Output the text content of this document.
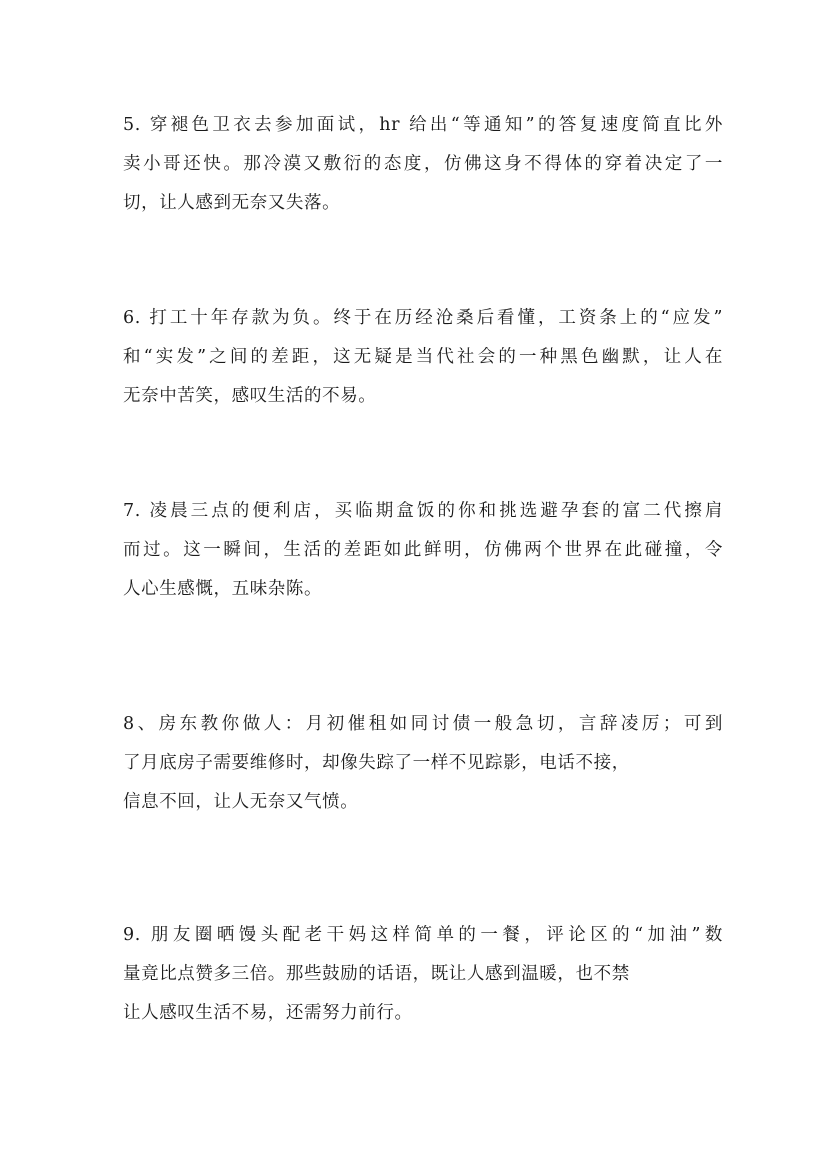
5. 穿褪色卫衣去参加面试，hr 给出“等通知”的答复速度简直比外
卖小哥还快。那冷漠又敷衍的态度，仿佛这身不得体的穿着决定了一
切，让人感到无奈又失落。
6. 打工十年存款为负。终于在历经沧桑后看懂，工资条上的“应发”
和“实发”之间的差距，这无疑是当代社会的一种黑色幽默，让人在
无奈中苦笑，感叹生活的不易。
7. 凌晨三点的便利店，买临期盒饭的你和挑选避孕套的富二代擦肩
而过。这一瞬间，生活的差距如此鲜明，仿佛两个世界在此碰撞，令
人心生感慨，五味杂陈。
8、房东教你做人：月初催租如同讨债一般急切，言辞凌厉；可到
了月底房子需要维修时，却像失踪了一样不见踪影，电话不接，
信息不回，让人无奈又气愤。
9. 朋友圈晒馒头配老干妈这样简单的一餐，评论区的“加油”数
量竟比点赞多三倍。那些鼓励的话语，既让人感到温暖，也不禁
让人感叹生活不易，还需努力前行。
